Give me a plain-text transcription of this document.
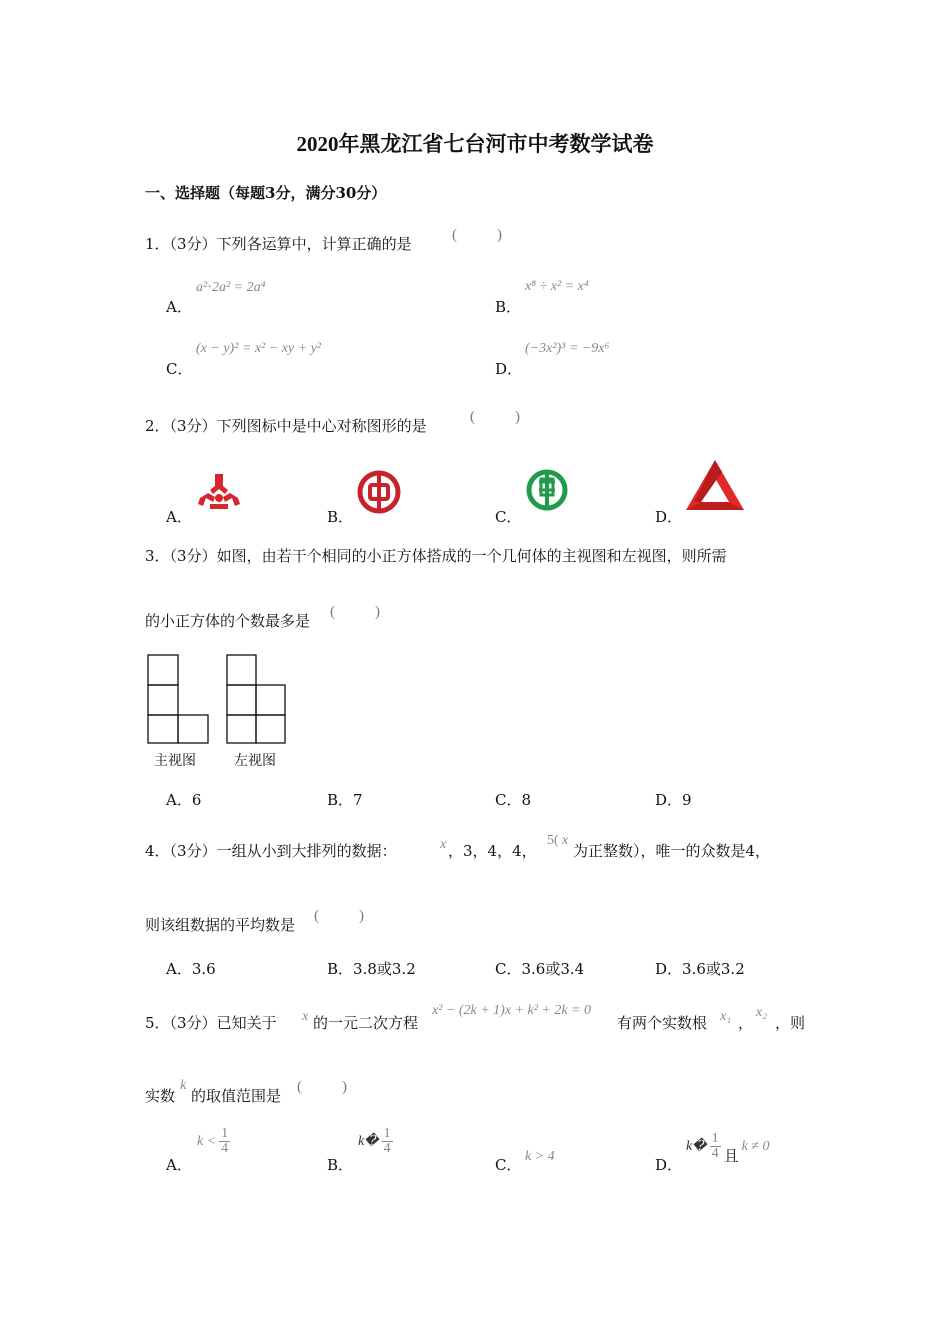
2020年黑龙江省七台河市中考数学试卷
一、选择题（每题3分，满分30分）
1．（3分）下列各运算中，计算正确的是	(	)
A．
a²⋅2a² = 2a⁴
B．
x⁸ ÷ x² = x⁴
C．
(x − y)² = x² − xy + y²
D．
(−3x²)³ = −9x⁶
2．（3分）下列图标中是中心对称图形的是	(	)
A．	B．	C．	D．
3．（3分）如图，由若干个相同的小正方体搭成的一个几何体的主视图和左视图，则所需
的小正方体的个数最多是 (	)
主视图	左视图
A．6	B．7	C．8	D．9
4．（3分）一组从小到大排列的数据：	x ，3，4，4，
5( x
为正整数），唯一的众数是4，
则该组数据的平均数是 (	)
A．3.6	B．3.8或3.2	C．3.6或3.4	D．3.6或3.2
5．（3分）已知关于 x 的一元二次方程
x² − (2k + 1)x + k² + 2k = 0
有两个实数根 x₁ ，
x₂
，则
实数
k
的取值范围是 (	)
A．
$k < \frac{1}{4}$
B．
k� $\frac{1}{4}$
C． k > 4	D．
k� $\frac{1}{4}$ 且
k ≠ 0
